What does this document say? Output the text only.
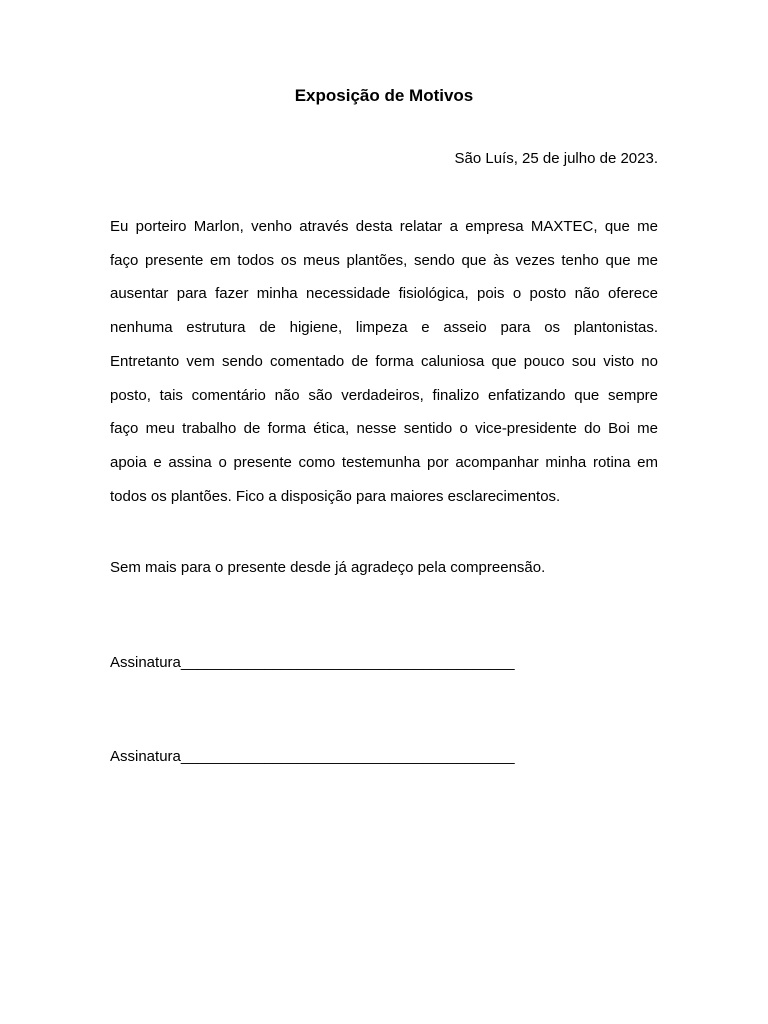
Exposição de Motivos
São Luís, 25 de julho de 2023.
Eu porteiro Marlon, venho através desta relatar a empresa MAXTEC, que me
faço presente em todos os meus plantões, sendo que às vezes tenho que me
ausentar para fazer minha necessidade fisiológica, pois o posto não oferece
nenhuma estrutura de higiene, limpeza e asseio para os plantonistas.
Entretanto vem sendo comentado de forma caluniosa que pouco sou visto no
posto, tais comentário não são verdadeiros, finalizo enfatizando que sempre
faço meu trabalho de forma ética, nesse sentido o vice-presidente do Boi me
apoia e assina o presente como testemunha por acompanhar minha rotina em
todos os plantões. Fico a disposição para maiores esclarecimentos.
Sem mais para o presente desde já agradeço pela compreensão.
Assinatura________________________________________
Assinatura________________________________________
